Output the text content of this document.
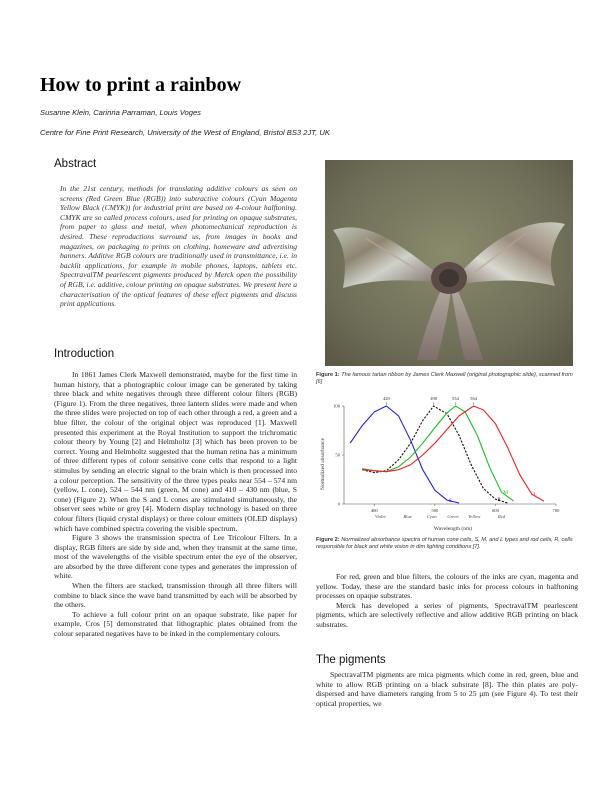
How to print a rainbow
Susanne Klein, Carinna Parraman, Louis Voges
Centre for Fine Print Research, University of the West of England, Bristol BS3 2JT, UK
Abstract
In the 21st century, methods for translating additive colours as seen on screens (Red Green Blue (RGB)) into subtractive colours (Cyan Magenta Yellow Black (CMYK)) for industrial print are based on 4-colour halftoning. CMYK are so called process colours, used for printing on opaque substrates, from paper to glass and metal, when photomechanical reproduction is desired. These reproductions surround us, from images in books and magazines, on packaging to prints on clothing, homeware and advertising banners. Additive RGB colours are traditionally used in transmittance, i.e. in backlit applications, for example in mobile phones, laptops, tablets etc. SpectravalTM pearlescent pigments produced by Merck open the possibility of RGB, i.e. additive, colour printing on opaque substrates. We present here a characterisation of the optical features of these effect pigments and discuss print applications.
Introduction

In 1861 James Clerk Maxwell demonstrated, maybe for the first time in human history, that a photographic colour image can be generated by taking three black and white negatives through three different colour filters (RGB) (Figure 1). From the three negatives, three lantern slides were made and when the three slides were projected on top of each other through a red, a green and a blue filter, the colour of the original object was reproduced [1]. Maxwell presented this experiment at the Royal Institution to support the trichromatic colour theory by Young [2] and Helmholtz [3] which has been proven to be correct. Young and Helmholtz suggested that the human retina has a minimum of three different types of colour sensitive cone cells that respond to a light stimulus by sending an electric signal to the brain which is then processed into a colour perception. The sensitivity of the three types peaks near 554 – 574 nm (yellow, L cone), 524 – 544 nm (green, M cone) and 410 – 430 nm (blue, S cone) (Figure 2). When the S and L cones are stimulated simultaneously, the observer sees white or grey [4]. Modern display technology is based on three colour filters (liquid crystal displays) or three colour emitters (OLED displays) which have combined spectra covering the visible spectrum.

Figure 3 shows the transmission spectra of Lee Tricolour Filters. In a display, RGB filters are side by side and, when they transmit at the same time, most of the wavelengths of the visible spectrum enter the eye of the observer, are absorbed by the three different cone types and generates the impression of white.

When the filters are stacked, transmission through all three filters will combine to black since the wave band transmitted by each will be absorbed by the others.

To achieve a full colour print on an opaque substrate, like paper for example, Cros [5] demonstrated that lithographic plates obtained from the colour separated negatives have to be inked in the complementary colours.

Figure 1: The famous tartan ribbon by James Clerk Maxwell (original photographic slide), scanned from [6]
Normalized absorbance
Wavelength (nm)
400	500	600	700
0
50
100
Violet	Blue	Cyan Green Yellow	Red
S	R
M	L
420	498	534 564
Figure 2: Normalized absorbance spectra of human cone cells, S, M, and L types and rod cells, R, cells responsible for black and white vision in dim lighting conditions [7].

For red, green and blue filters, the colours of the inks are cyan, magenta and yellow. Today, these are the standard basic inks for process colours in halftoning processes on opaque substrates.

Merck has developed a series of pigments, SpectravalTM pearlescent pigments, which are selectively reflective and allow additive RGB printing on black substrates.

The pigments

SpectravalTM pigments are mica pigments which come in red, green, blue and white to allow RGB printing on a black substrate [8]. The thin plates are poly-dispersed and have diameters ranging from 5 to 25 μm (see Figure 4). To test their optical properties, we
